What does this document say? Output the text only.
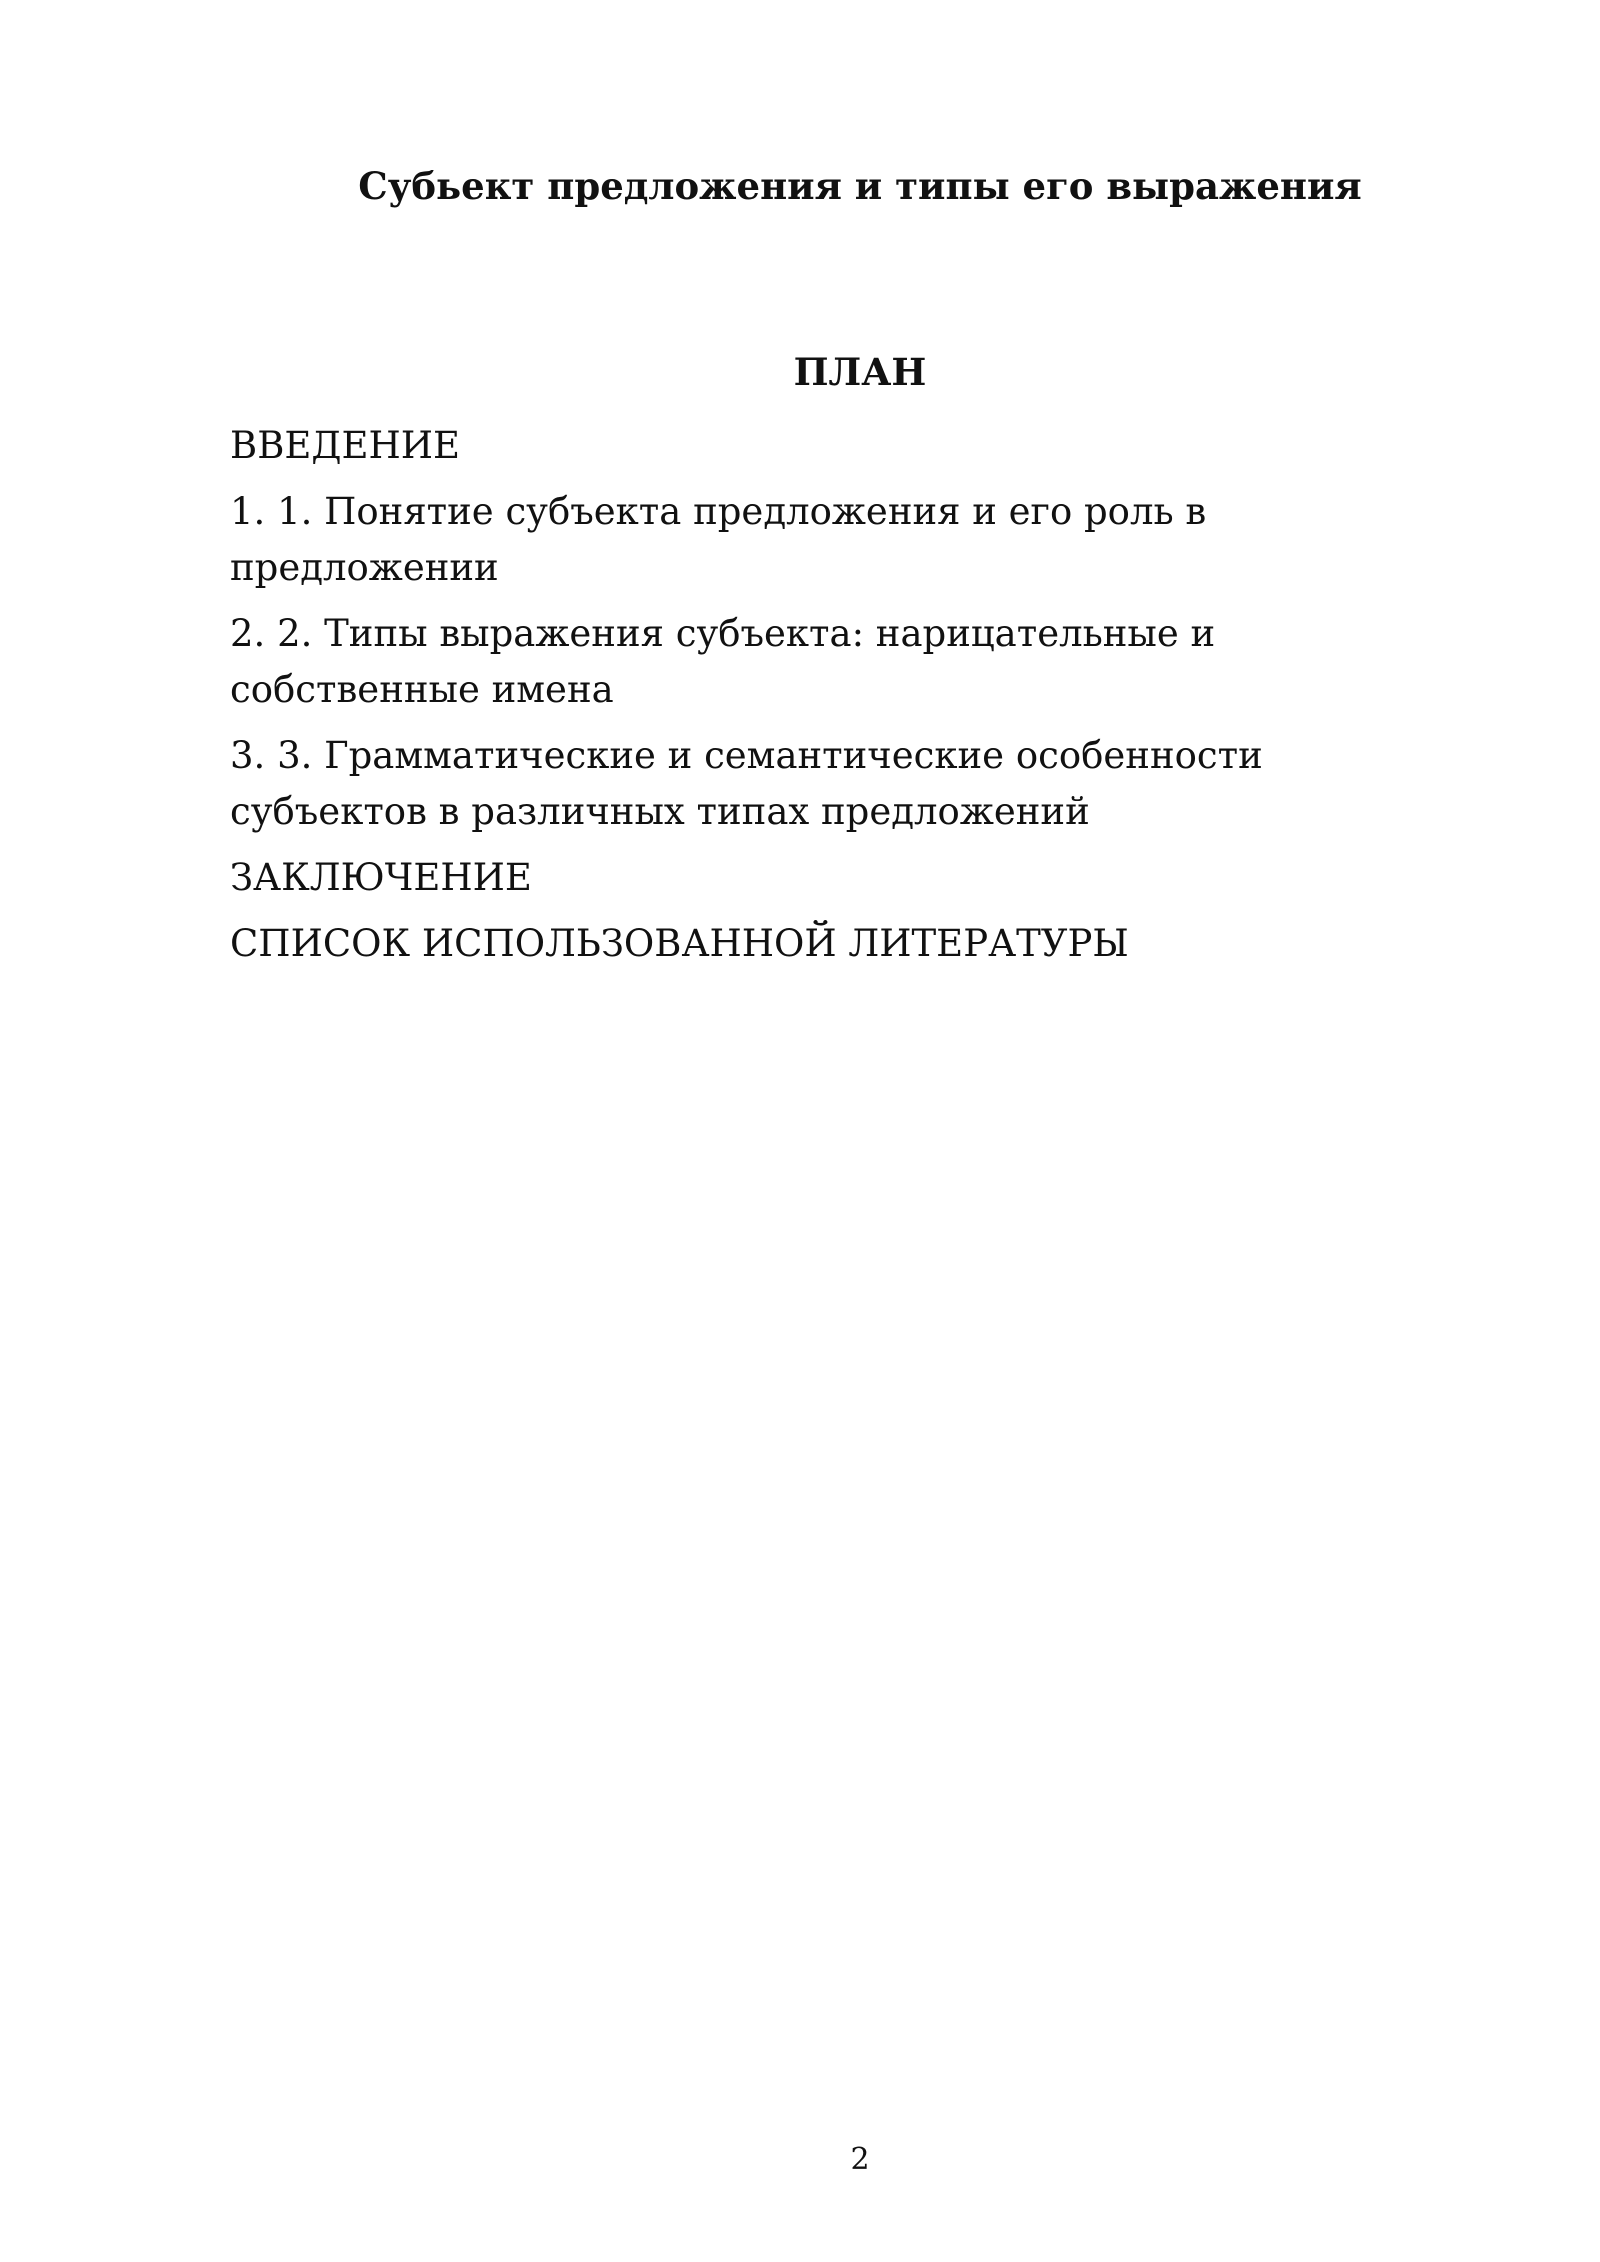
Субьект предложения и типы его выражения
ПЛАН
ВВЕДЕНИЕ
1. 1. Понятие субъекта предложения и его роль в предложении
2. 2. Типы выражения субъекта: нарицательные и собственные имена
3. 3. Грамматические и семантические особенности субъектов в различных типах предложений
ЗАКЛЮЧЕНИЕ
СПИСОК ИСПОЛЬЗОВАННОЙ ЛИТЕРАТУРЫ
2
